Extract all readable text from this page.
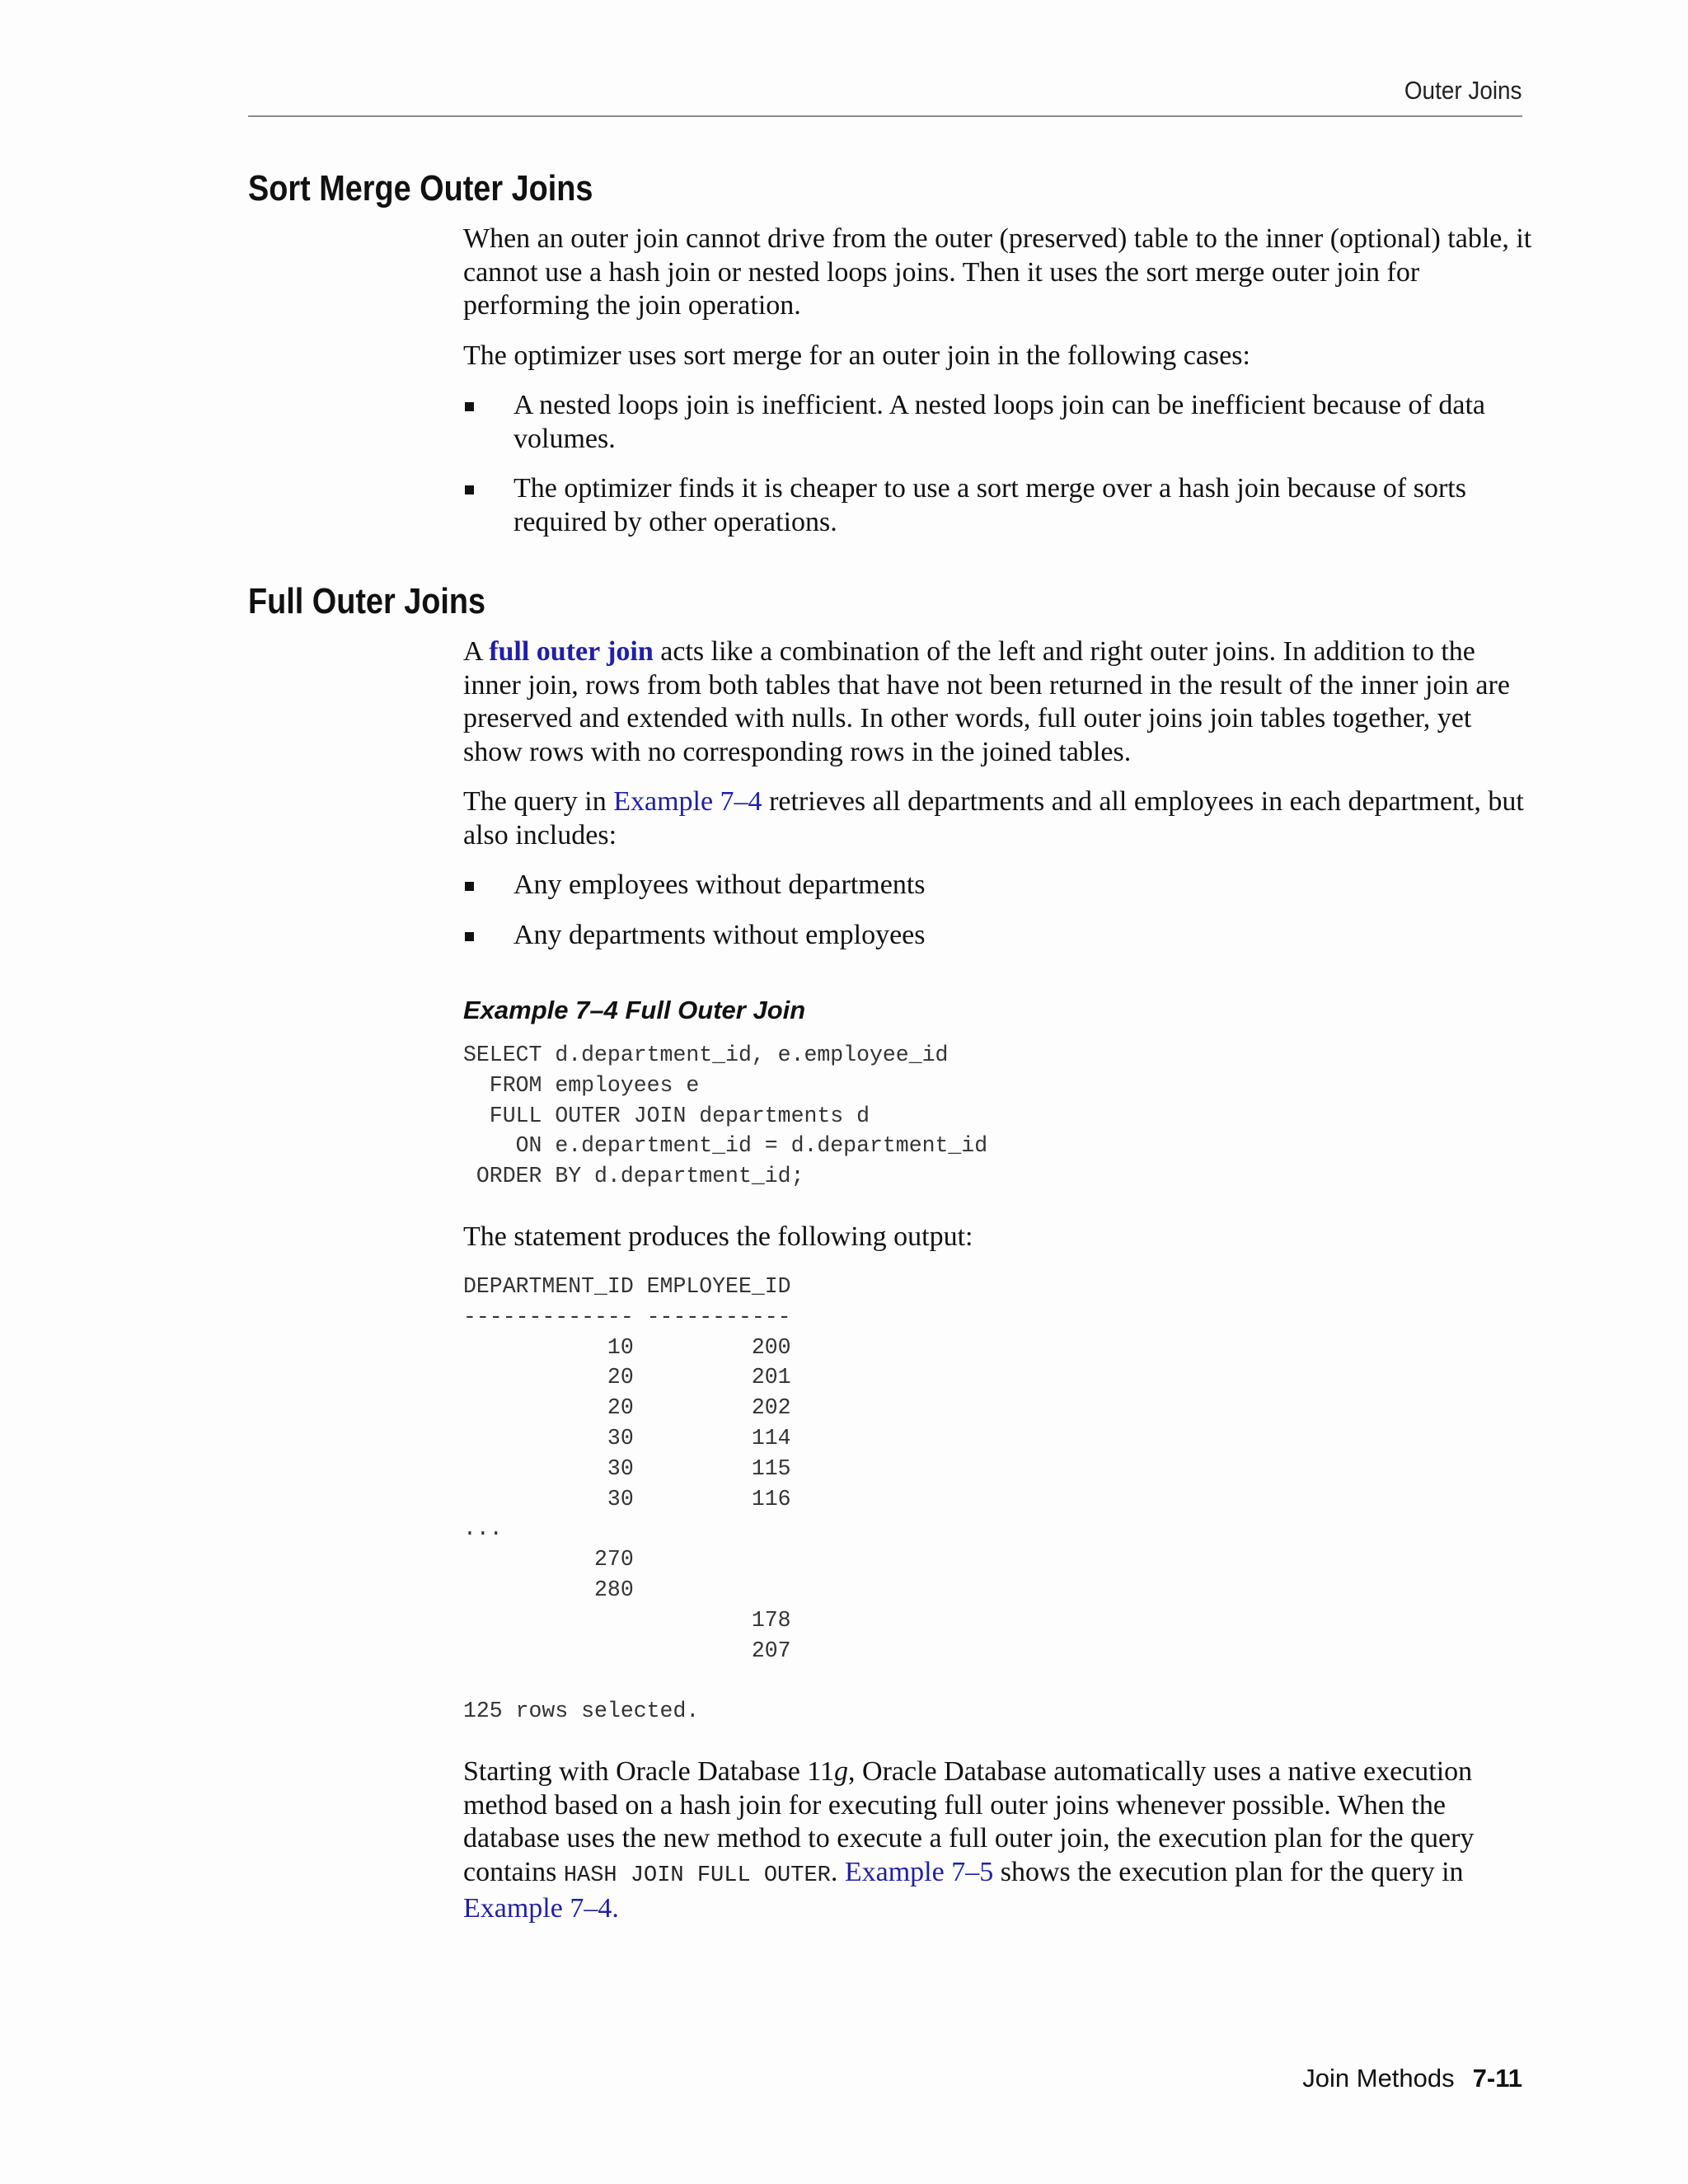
Outer Joins
Sort Merge Outer Joins

When an outer join cannot drive from the outer (preserved) table to the inner (optional) table, it cannot use a hash join or nested loops joins. Then it uses the sort merge outer join for performing the join operation.

The optimizer uses sort merge for an outer join in the following cases:

A nested loops join is inefficient. A nested loops join can be inefficient because of data volumes.
The optimizer finds it is cheaper to use a sort merge over a hash join because of sorts required by other operations.
Full Outer Joins

A full outer join acts like a combination of the left and right outer joins. In addition to the inner join, rows from both tables that have not been returned in the result of the inner join are preserved and extended with nulls. In other words, full outer joins join tables together, yet show rows with no corresponding rows in the joined tables.

The query in Example 7–4 retrieves all departments and all employees in each department, but also includes:

Any employees without departments
Any departments without employees
Example 7–4 Full Outer Join
SELECT d.department_id, e.employee_id
FROM employees e
FULL OUTER JOIN departments d
ON e.department_id = d.department_id
ORDER BY d.department_id;

The statement produces the following output:

DEPARTMENT_ID EMPLOYEE_ID
------------- -----------
10         200
20         201
20         202
30         114
30         115
30         116
...
270
280
178
207

125 rows selected.

Starting with Oracle Database 11g, Oracle Database automatically uses a native execution method based on a hash join for executing full outer joins whenever possible. When the database uses the new method to execute a full outer join, the execution plan for the query contains HASH JOIN FULL OUTER. Example 7–5 shows the execution plan for the query in Example 7–4.

Join Methods 7-11
